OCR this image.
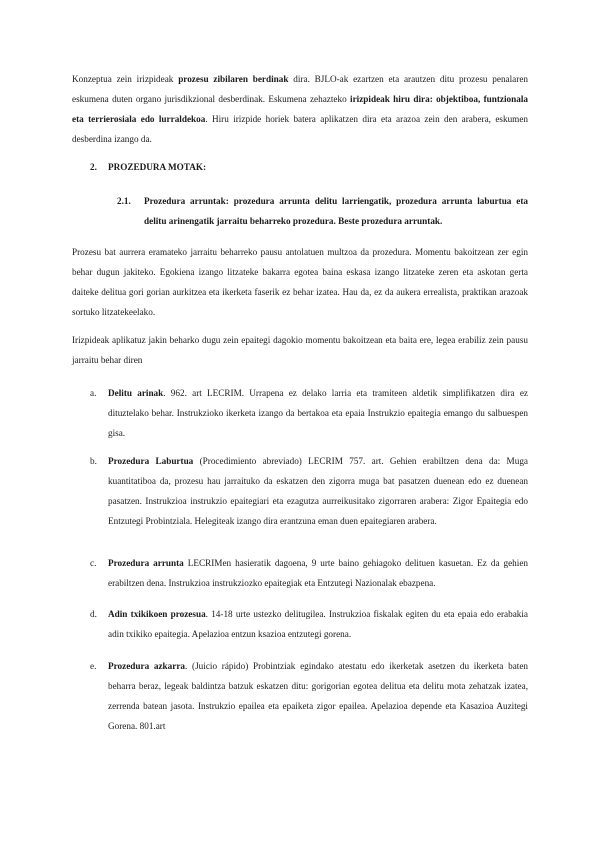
Konzeptua zein irizpideak prozesu zibilaren berdinak dira. BJLO-ak ezartzen eta arautzen ditu prozesu penalaren eskumena duten organo jurisdikzional desberdinak. Eskumena zehazteko irizpideak hiru dira: objektiboa, funtzionala eta terrierosiala edo lurraldekoa. Hiru irizpide horiek batera aplikatzen dira eta arazoa zein den arabera, eskumen desberdina izango da.

2. PROZEDURA MOTAK:

2.1. Prozedura arruntak: prozedura arrunta delitu larriengatik, prozedura arrunta laburtua eta delitu arinengatik jarraitu beharreko prozedura. Beste prozedura arruntak.

Prozesu bat aurrera eramateko jarraitu beharreko pausu antolatuen multzoa da prozedura. Momentu bakoitzean zer egin behar dugun jakiteko. Egokiena izango litzateke bakarra egotea baina eskasa izango litzateke zeren eta askotan gerta daiteke delitua gori gorian aurkitzea eta ikerketa faserik ez behar izatea. Hau da, ez da aukera errealista, praktikan arazoak sortuko litzatekeelako.

Irizpideak aplikatuz jakin beharko dugu zein epaitegi dagokio momentu bakoitzean eta baita ere, legea erabiliz zein pausu jarraitu behar diren

a. Delitu arinak. 962. art LECRIM. Urrapena ez delako larria eta tramiteen aldetik simplifikatzen dira ez dituztelako behar. Instrukzioko ikerketa izango da bertakoa eta epaia Instrukzio epaitegia emango du salbuespen gisa.
b. Prozedura Laburtua (Procedimiento abreviado) LECRIM 757. art. Gehien erabiltzen dena da: Muga kuantitatiboa da, prozesu hau jarraituko da eskatzen den zigorra muga bat pasatzen duenean edo ez duenean pasatzen. Instrukzioa instrukzio epaitegiari eta ezagutza aurreikusitako zigorraren arabera: Zigor Epaitegia edo Entzutegi Probintziala. Helegiteak izango dira erantzuna eman duen epaitegiaren arabera.
c. Prozedura arrunta LECRIMen hasieratik dagoena, 9 urte baino gehiagoko delituen kasuetan. Ez da gehien erabiltzen dena. Instrukzioa instrukziozko epaitegiak eta Entzutegi Nazionalak ebazpena.
d. Adin txikikoen prozesua. 14-18 urte ustezko delitugilea. Instrukzioa fiskalak egiten du eta epaia edo erabakia adin txikiko epaitegia. Apelazioa entzun ksazioa entzutegi gorena.
e. Prozedura azkarra. (Juicio rápido) Probintziak egindako atestatu edo ikerketak asetzen du ikerketa baten beharra beraz, legeak baldintza batzuk eskatzen ditu: gorigorian egotea delitua eta delitu mota zehatzak izatea, zerrenda batean jasota. Instrukzio epailea eta epaiketa zigor epailea. Apelazioa depende eta Kasazioa Auzitegi Gorena. 801.art
